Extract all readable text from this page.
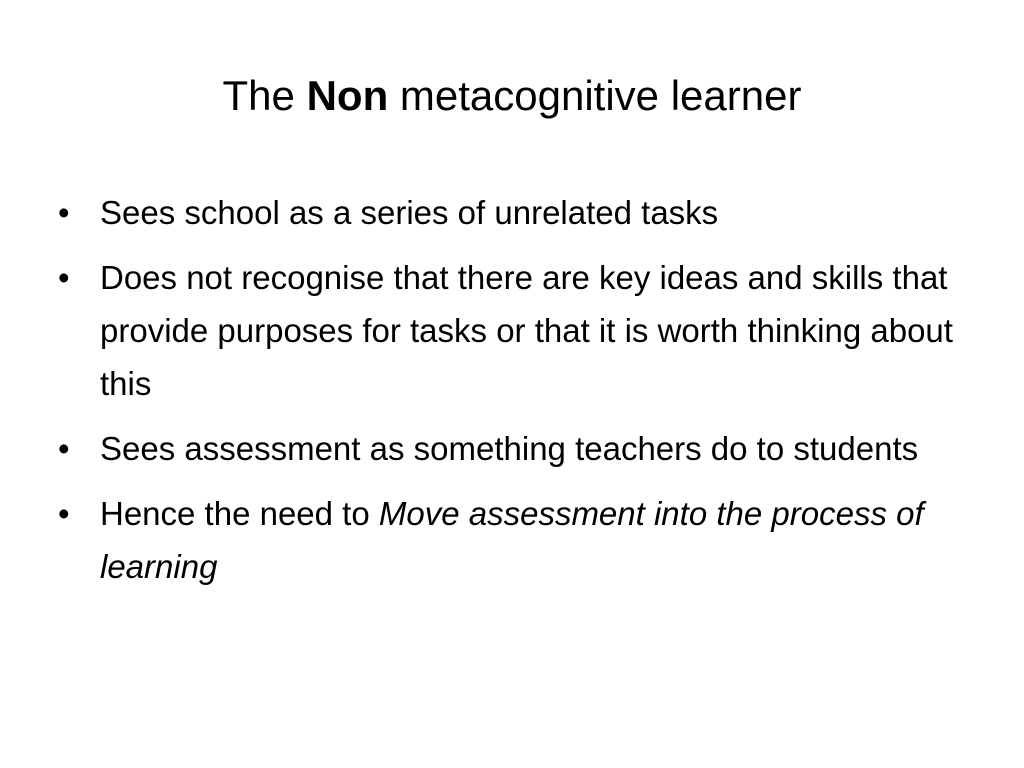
The Non metacognitive learner
• Sees school as a series of unrelated tasks
• Does not recognise that there are key ideas and skills that provide purposes for tasks or that it is worth thinking about this
• Sees assessment as something teachers do to students
• Hence the need to Move assessment into the process of learning
